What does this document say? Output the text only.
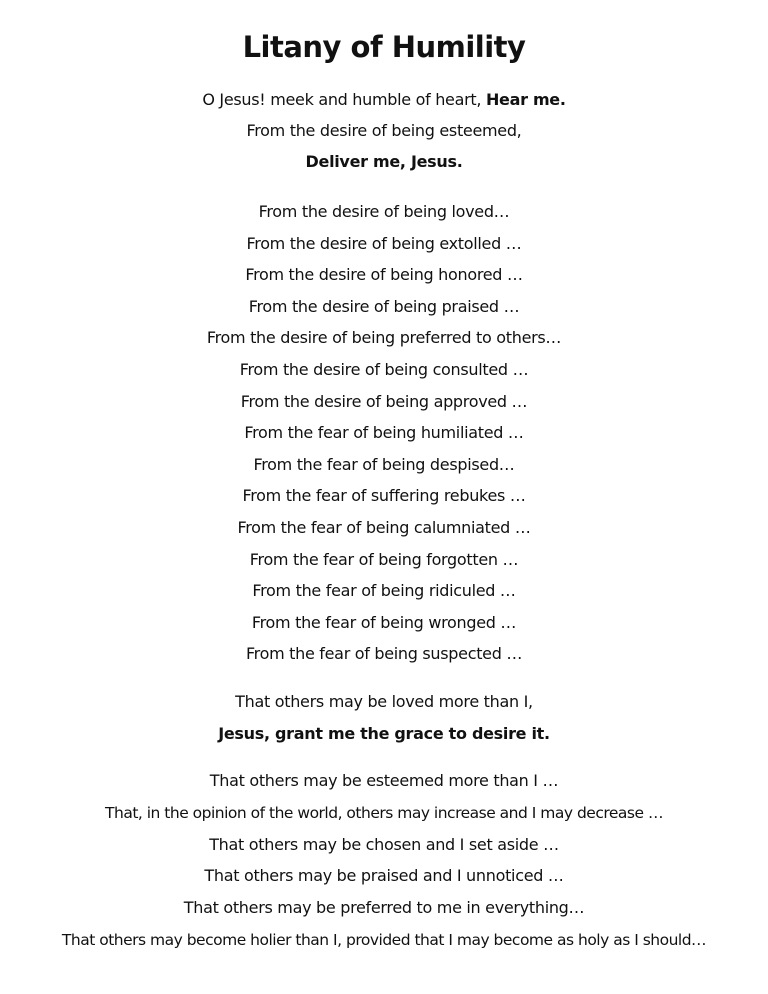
Litany of Humility
O Jesus! meek and humble of heart, Hear me.
From the desire of being esteemed,
Deliver me, Jesus.
From the desire of being loved…
From the desire of being extolled …
From the desire of being honored …
From the desire of being praised …
From the desire of being preferred to others…
From the desire of being consulted …
From the desire of being approved …
From the fear of being humiliated …
From the fear of being despised…
From the fear of suffering rebukes …
From the fear of being calumniated …
From the fear of being forgotten …
From the fear of being ridiculed …
From the fear of being wronged …
From the fear of being suspected …
That others may be loved more than I,
Jesus, grant me the grace to desire it.
That others may be esteemed more than I …
That, in the opinion of the world, others may increase and I may decrease …
That others may be chosen and I set aside …
That others may be praised and I unnoticed …
That others may be preferred to me in everything…
That others may become holier than I, provided that I may become as holy as I should…
